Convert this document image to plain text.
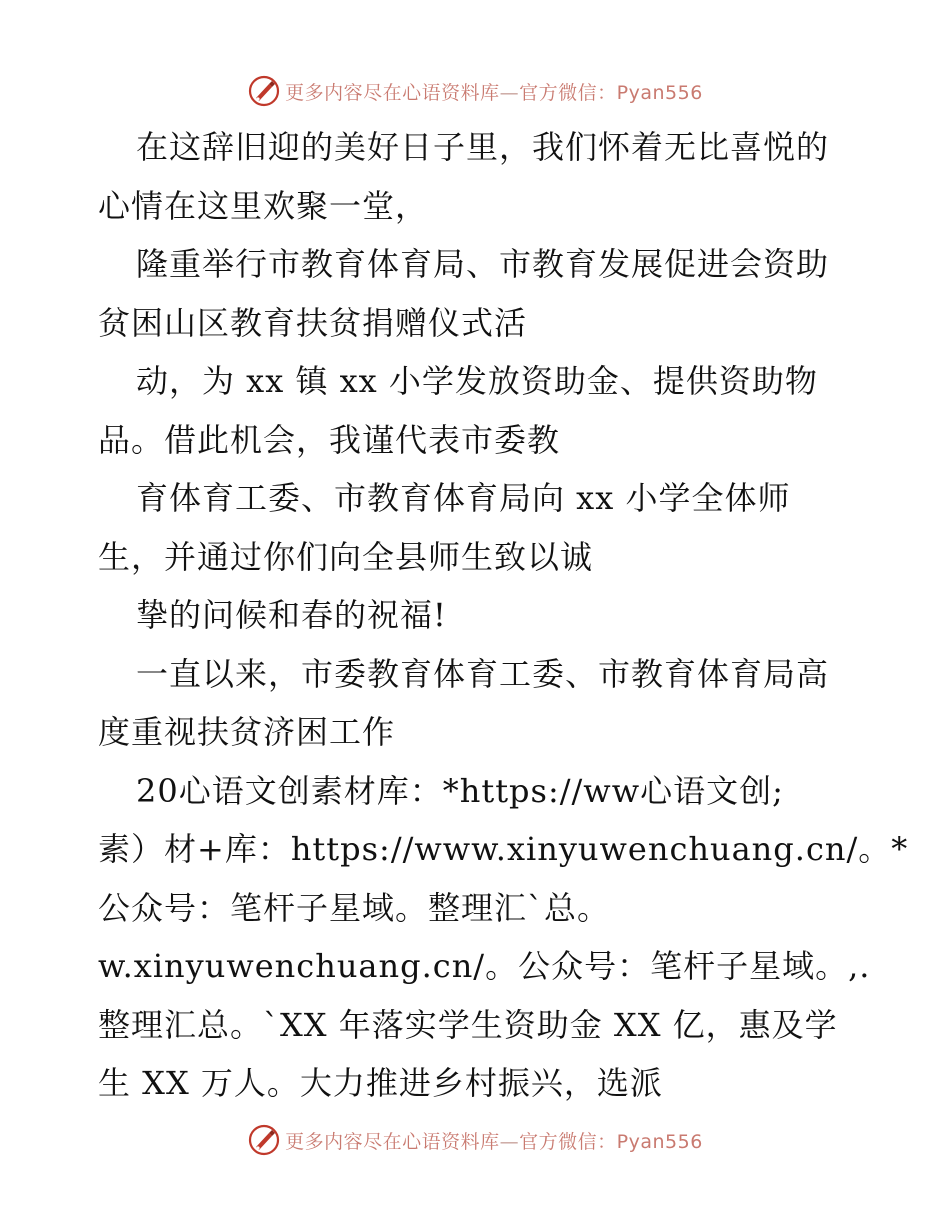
更多内容尽在心语资料库—官方微信：Pyan556
在这辞旧迎的美好日子里，我们怀着无比喜悦的
心情在这里欢聚一堂，
隆重举行市教育体育局、市教育发展促进会资助
贫困山区教育扶贫捐赠仪式活
动，为 xx 镇 xx 小学发放资助金、提供资助物
品。借此机会，我谨代表市委教
育体育工委、市教育体育局向 xx 小学全体师
生，并通过你们向全县师生致以诚
挚的问候和春的祝福!
一直以来，市委教育体育工委、市教育体育局高
度重视扶贫济困工作
20心语文创素材库：*https://ww心语文创;
素）材+库：https://www.xinyuwenchuang.cn/。*
公众号：笔杆子星域。整理汇`总。
w.xinyuwenchuang.cn/。公众号：笔杆子星域。,.
整理汇总。`XX 年落实学生资助金 XX 亿，惠及学
生 XX 万人。大力推进乡村振兴，选派
更多内容尽在心语资料库—官方微信：Pyan556
